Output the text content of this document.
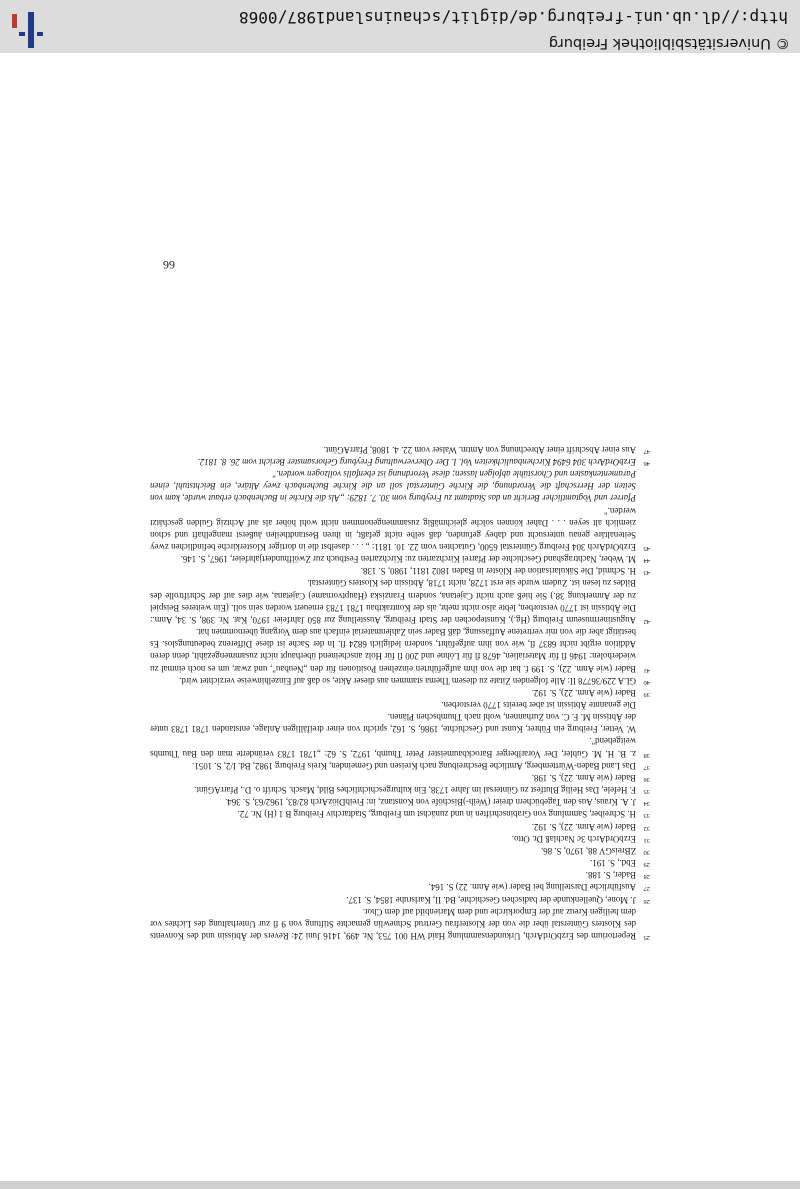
25
Repertorium des ErzbOrdArch, Urkundensammlung Haid WH 001 753, Nr. 499, 1416 Juni 24: Revers der Äbtissin und des Konvents des Klosters Günterstal über die von der Klosterfrau Gertrud Schnewlin gemachte Stiftung von 9 fl zur Unterhaltung des Lichtes vor dem heiligen Kreuz auf der Emporkirche und dem Marienbild auf dem Chor.

26
J. Mone, Quellenkunde der badischen Geschichte, Bd. II, Karlsruhe 1854, S. 137.

27
Ausführliche Darstellung bei Bader (wie Anm. 22) S. 164.

28
Bader, S. 188.

29
Ebd., S. 191.

30
ZBreisGV 88, 1970, S. 86.

31
ErzbOrdArch 3c Nachlaß Dr. Otto.

32
Bader (wie Anm. 22), S. 192.

33
H. Schreiber, Sammlung von Grabinschriften in und zunächst um Freiburg, Stadtarchiv Freiburg B 1 (H) Nr. 72.

34
J. A. Kraus, Aus den Tagebüchern dreier (Weih-)Bischöfe von Konstanz, in: FreibDiözArch 82/83, 1962/63, S. 364.

35
F. Hefele, Das Heilig Blutfest zu Güntersal im Jahre 1738, Ein kulturgeschichtliches Bild, Masch. Schrift o. D., PfarrAGünt.

36
Bader (wie Anm. 22), S. 198.

37
Das Land Baden-Württemberg, Amtliche Beschreibung nach Kreisen und Gemeinden, Kreis Freiburg 1982, Bd. I/2, S. 1051.

38
z. B. H. M. Gubler, Der Vorarlberger Barockbaumeister Peter Thumb, 1972, S. 62: „1781 1783 veränderte man den Bau Thumbs weitgehend".

W. Vetter, Freiburg ein Führer, Kunst und Geschichte, 1986, S. 162, spricht von einer dreifälligen Anlage, entstanden 1781 1783 unter der Äbtissin M. F. C. von Zurhannen, wohl nach Thumbschen Plänen.

Die genannte Äbtissin ist aber bereits 1770 verstorben.

39
Bader (wie Anm. 22), S. 192.

40
GLA 229/36778 II: Alle folgenden Zitate zu diesem Thema stammen aus dieser Akte, so daß auf Einzelhinweise verzichtet wird.

41
Bader (wie Anm. 22), S. 199 f. hat die von ihm aufgeführten einzelnen Positionen für den „Neubau", und zwar, um es noch einmal zu wiederholen: 1946 fl für Materialien, 4678 fl für Löhne und 200 fl für Holz anscheinend überhaupt nicht zusammengezählt, denn deren Addition ergibt nicht 6837 fl, wie von ihm aufgeführt, sondern lediglich 6824 fl. In der Sache ist diese Differenz bedeutungslos. Es bestätigt aber die von mir vertretene Auffassung, daß Bader sein Zahlenmaterial einfach aus dem Vorgang übernommen hat.

42
Augustinermuseum Freiburg (Hg.), Kunstepochen der Stadt Freiburg, Ausstellung zur 850 Jahrfeier 1970, Kat. Nr. 398, S. 34, Anm.: Die Äbtissin ist 1770 verstorben, lebte also nicht mehr, als der Kontraktbau 1781 1783 erneuert worden sein soll. (Ein weiteres Beispiel zu der Anmerkung 38.) Sie hieß auch nicht Cajetana, sondern Franziska (Hauptvorname) Cajetana, wie dies auf der Schriftrolle des Bildes zu lesen ist. Zudem wurde sie erst 1728, nicht 1718, Äbtissin des Klosters Günterstal.

43
H. Schmid, Die Säkularisation der Klöster in Baden 1802 1811, 1980, S. 138.

44
M. Weber, Nachtragsband Geschichte der Pfarrei Kirchzarten zu: Kirchzarten Festbuch zur Zwölfhundertjahrfeier, 1967, S. 146.

45
ErzbOrdArch 304 Freiburg Günterstal 6500, Gutachten vom 22. 10. 1811: „ . . . daselbst die in dortiger Klosterkirche befindlichen zwey Seitenaltäre genau untersucht und dabey gefunden, daß selbe nicht gefaßt, in ihren Bestandtheilen äußerst mangelhaft und schon ziemlich alt seyen . . . Daher können solche gleichmäßig zusammengenommen nicht wohl höher als auf Achtzig Gulden geschätzt werden."

Pfarrer und Vogtamtlicher Bericht an das Stadtamt zu Freyburg vom 30. 7. 1829: „Als die Kirche in Buchenbach erbaut wurde, kam von Seiten der Herrschaft die Verordnung, die Kirche Günterstal soll an die Kirche Buchenbach zwey Altäre, ein Beichtstuhl, einen Paramentenkasten und Chorstühle abfolgen lassen; diese Verordnung ist ebenfalls vollzogen worden."

46
ErzbOrdArch 304 6494 Kirchenbaulichkeiten Vol. I. Der Oberverwaltung Freyburg Gehorsamster Bericht vom 26. 8. 1812.

47
Aus einer Abschrift einer Abrechnung von Amtm. Walser vom 22. 4. 1808, PfarrAGünt.

66
© Universitätsbibliothek Freiburg
http://dl.ub.uni-freiburg.de/diglit/schauinsland1987/0068
